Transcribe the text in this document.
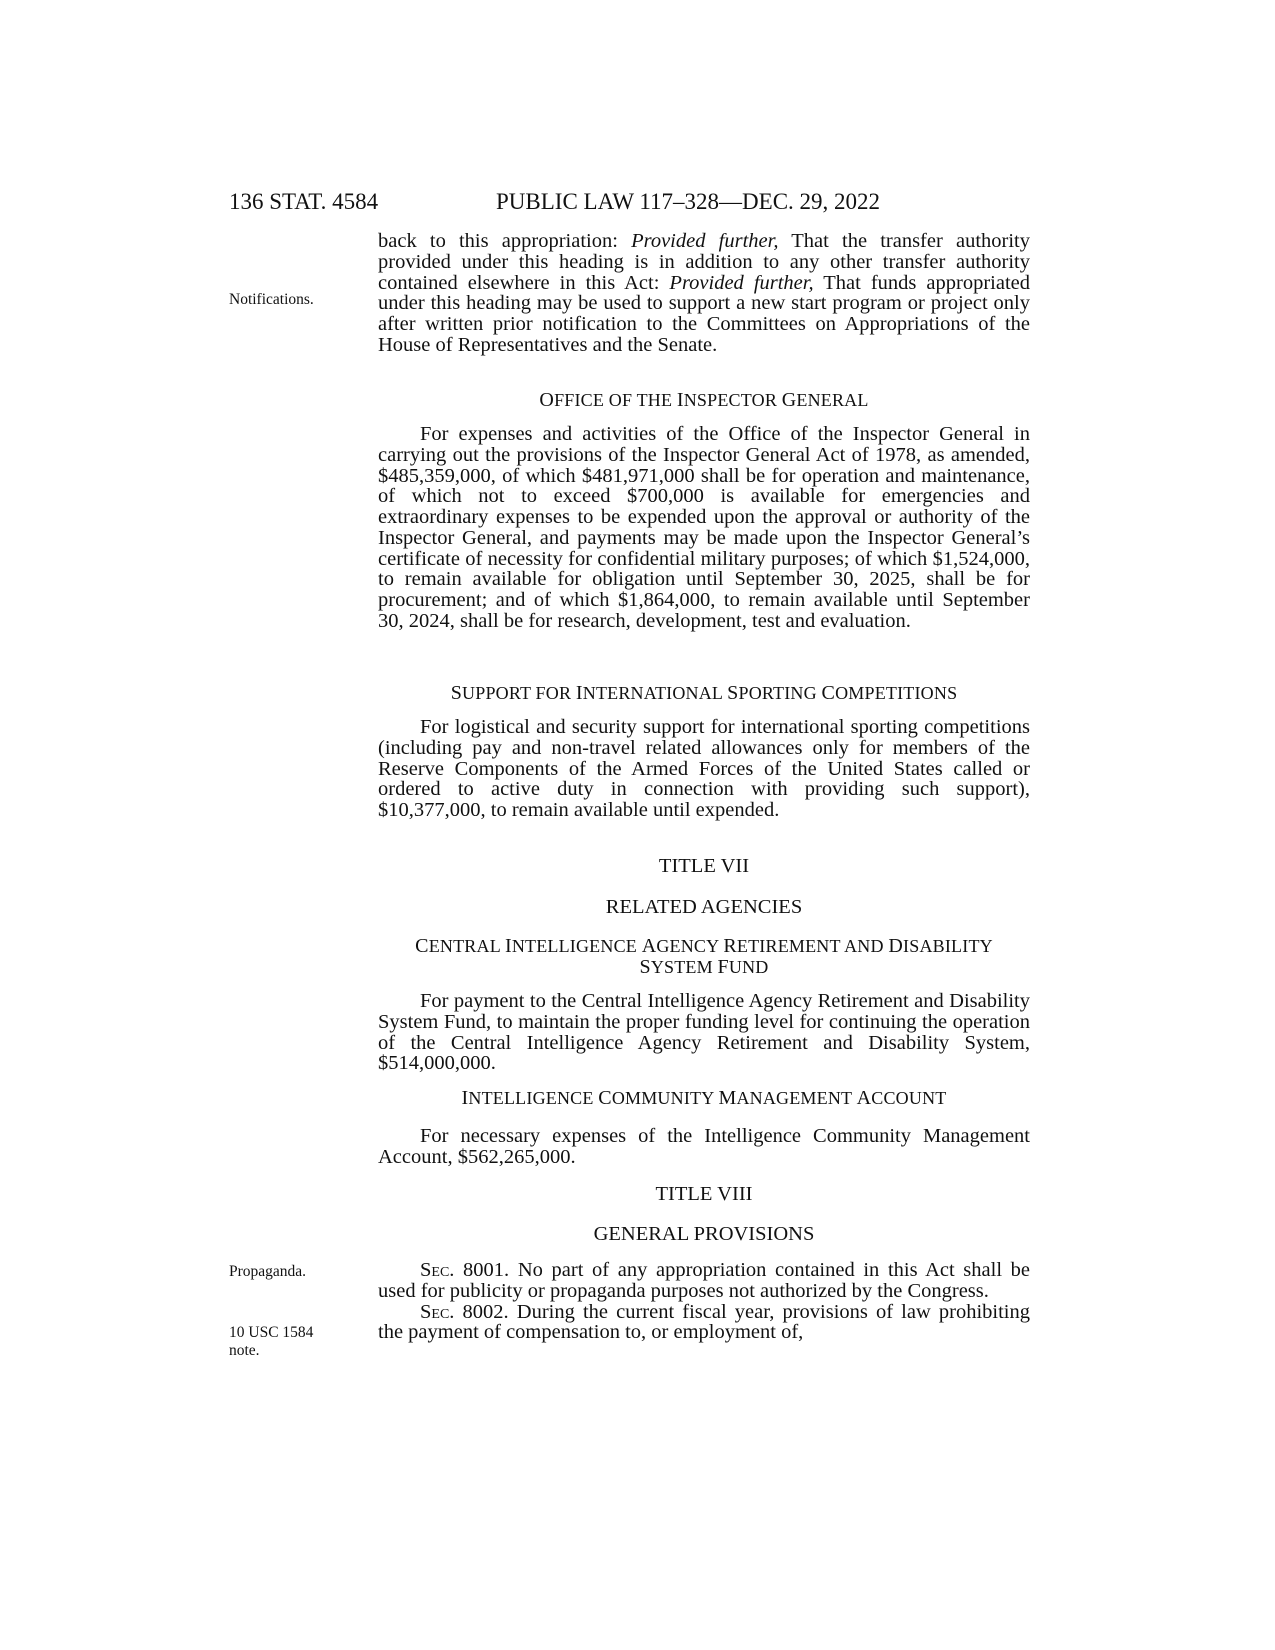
136 STAT. 4584	PUBLIC LAW 117–328—DEC. 29, 2022
Notifications.
Propaganda.
10 USC 1584
note.

back to this appropriation: Provided further, That the transfer authority provided under this heading is in addition to any other transfer authority contained elsewhere in this Act: Provided further, That funds appropriated under this heading may be used to support a new start program or project only after written prior notification to the Committees on Appropriations of the House of Representatives and the Senate.

OFFICE OF THE INSPECTOR GENERAL

For expenses and activities of the Office of the Inspector General in carrying out the provisions of the Inspector General Act of 1978, as amended, $485,359,000, of which $481,971,000 shall be for operation and maintenance, of which not to exceed $700,000 is available for emergencies and extraordinary expenses to be expended upon the approval or authority of the Inspector General, and payments may be made upon the Inspector General’s certificate of necessity for confidential military purposes; of which $1,524,000, to remain available for obligation until September 30, 2025, shall be for procurement; and of which $1,864,000, to remain available until September 30, 2024, shall be for research, development, test and evaluation.

SUPPORT FOR INTERNATIONAL SPORTING COMPETITIONS

For logistical and security support for international sporting competitions (including pay and non-travel related allowances only for members of the Reserve Components of the Armed Forces of the United States called or ordered to active duty in connection with providing such support), $10,377,000, to remain available until expended.

TITLE VII

RELATED AGENCIES

CENTRAL INTELLIGENCE AGENCY RETIREMENT AND DISABILITY

SYSTEM FUND

For payment to the Central Intelligence Agency Retirement and Disability System Fund, to maintain the proper funding level for continuing the operation of the Central Intelligence Agency Retirement and Disability System, $514,000,000.

INTELLIGENCE COMMUNITY MANAGEMENT ACCOUNT

For necessary expenses of the Intelligence Community Management Account, $562,265,000.

TITLE VIII

GENERAL PROVISIONS

Sec. 8001. No part of any appropriation contained in this Act shall be used for publicity or propaganda purposes not authorized by the Congress.

Sec. 8002. During the current fiscal year, provisions of law prohibiting the payment of compensation to, or employment of,
